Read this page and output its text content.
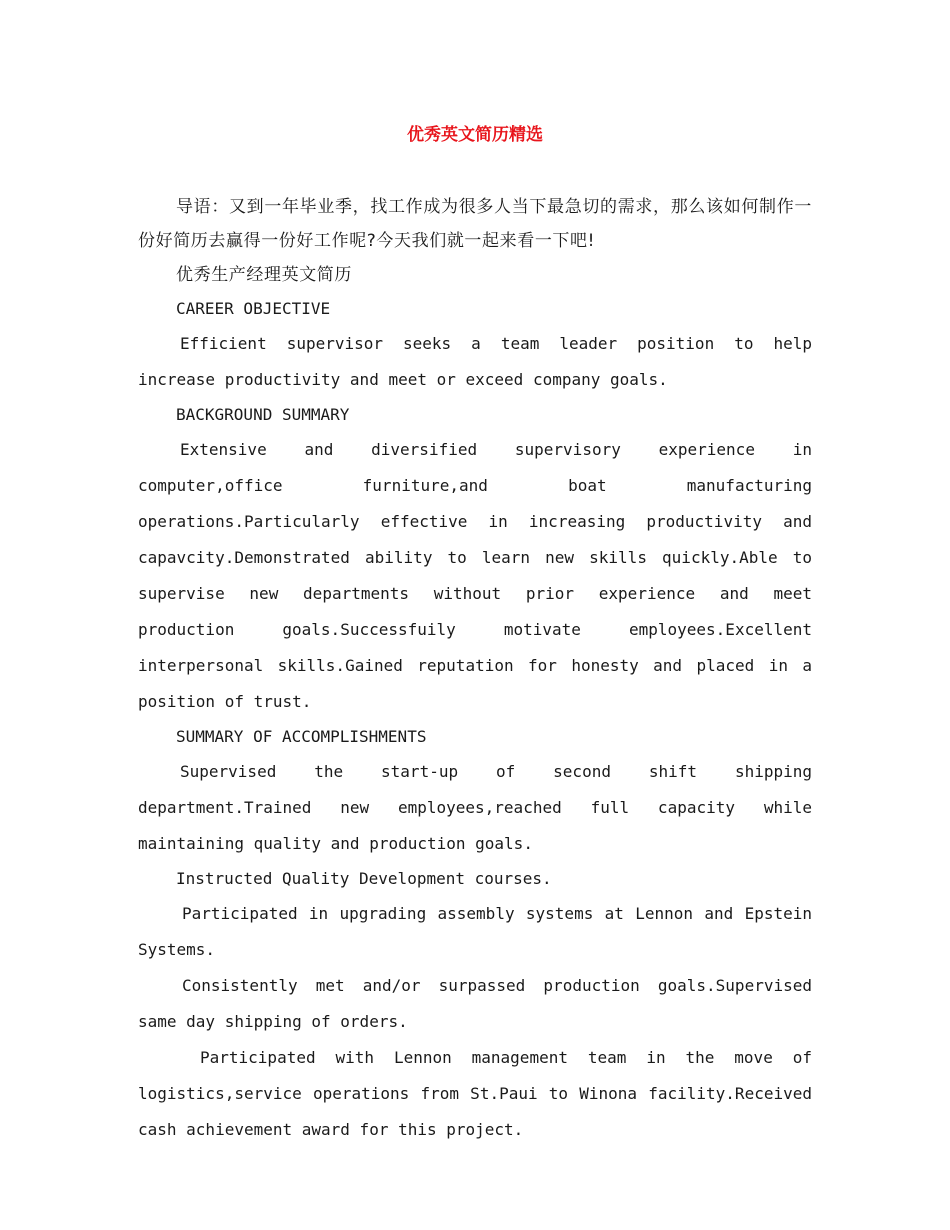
优秀英文简历精选

导语：又到一年毕业季，找工作成为很多人当下最急切的需求，那么该如何制作一份好简历去赢得一份好工作呢?今天我们就一起来看一下吧!

优秀生产经理英文简历

CAREER OBJECTIVE

Efficient supervisor seeks a team leader position to help increase productivity and meet or exceed company goals.

BACKGROUND SUMMARY

Extensive and diversified supervisory experience in computer,office furniture,and boat manufacturing operations.Particularly effective in increasing productivity and capavcity.Demonstrated ability to learn new skills quickly.Able to supervise new departments without prior experience and meet production goals.Successfuily motivate employees.Excellent interpersonal skills.Gained reputation for honesty and placed in a position of trust.

SUMMARY OF ACCOMPLISHMENTS

Supervised the start-up of second shift shipping department.Trained new employees,reached full capacity while maintaining quality and production goals.

Instructed Quality Development courses.

Participated in upgrading assembly systems at Lennon and Epstein Systems.

Consistently met and/or surpassed production goals.Supervised same day shipping of orders.

Participated with Lennon management team in the move of logistics,service operations from St.Paui to Winona facility.Received cash achievement award for this project.
